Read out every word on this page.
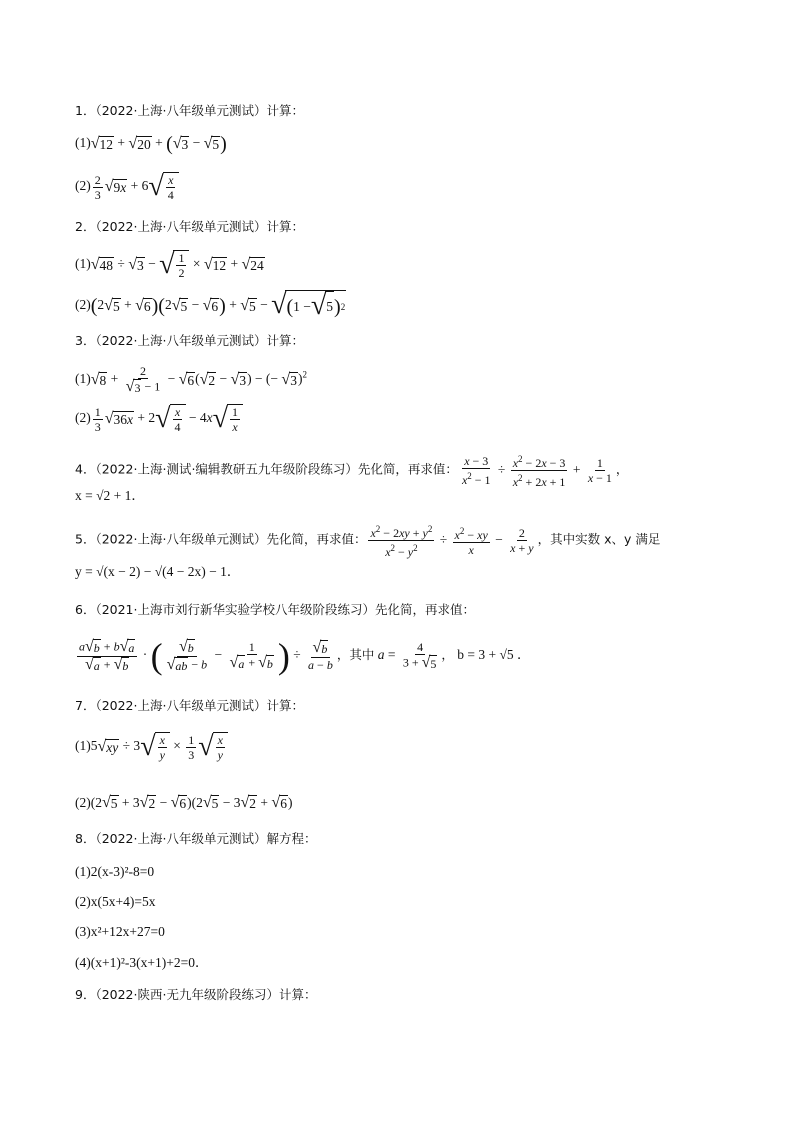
1．（2022·上海·八年级单元测试）计算：
(1) √ 12 + √ 20 + ( √ 3 − √ 5 )
$(2) \frac{2}{3}$ √ 9x + 6 √ $\frac{x}{4}$
2．（2022·上海·八年级单元测试）计算：
(1) √ 48 ÷ √ 3 − √ $\frac{1}{2}$ × √ 12 + √ 24
(2)(2 √ 5 + √ 6 )(2 √ 5 − √ 6 ) + √ 5 − √ ( 1 − √ 5 ) 2
3．（2022·上海·八年级单元测试）计算：
(1) √ $8 + \frac{2}{√ 3 - 1}$ − √ 6 ( √ 2 − √ 3 ) − (− √ 3 )$^2$
$(2) \frac{1}{3}$ √ 36x + 2 √ $\frac{x}{4} - 4x$ √ $\frac{1}{x}$
4．（2022·上海·测试·编辑教研五九年级阶段练习）先化简，再求值： $\frac{x - 3}{x^2 - 1} \div \frac{x^2 - 2x - 3}{x^2 + 2x + 1} + \frac{1}{x - 1}$ ，
x = √2 + 1．
5．（2022·上海·八年级单元测试）先化简，再求值： $\frac{x^2 - 2xy + y^2}{x^2 - y^2} \div \frac{x^2 - xy}{x} - \frac{2}{x + y}$ ，其中实数 x、y 满足
y = √(x − 2) − √(4 − 2x) − 1．
6．（2021·上海市刘行新华实验学校八年级阶段练习）先化简，再求值：
$\frac{a √ b + b √ a}{√ a + √ b}$ · ( $\frac{√ b}{√ ab - b} - \frac{1}{√ a + √ b}$ ) ÷ $\frac{√ b}{a - b}$ ，其中 $a = \frac{4}{3 + √ 5}$ ， b = 3 + √5 ．
7．（2022·上海·八年级单元测试）计算：
(1)5 √ xy ÷ 3 √ $\frac{x}{y} \times \frac{1}{3}$ √ $\frac{x}{y}$
(2)(2 √ 5 + 3 √ 2 − √ 6 )(2 √ 5 − 3 √ 2 + √ 6 )
8．（2022·上海·八年级单元测试）解方程：
(1)2(x-3)²-8=0
(2)x(5x+4)=5x
(3)x²+12x+27=0
(4)(x+1)²-3(x+1)+2=0．
9．（2022·陕西·无九年级阶段练习）计算：
